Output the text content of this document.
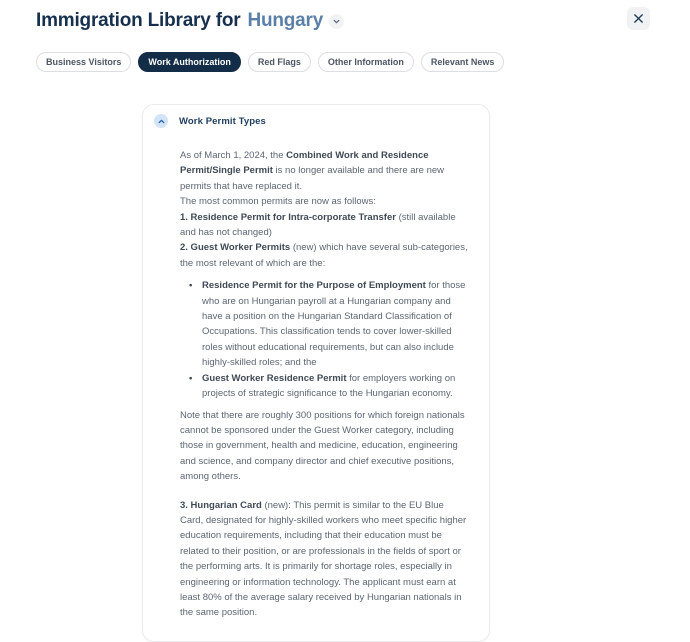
Immigration Library for Hungary
Business Visitors	Work Authorization	Red Flags	Other Information	Relevant News
Work Permit Types

As of March 1, 2024, the Combined Work and Residence Permit/Single Permit is no longer available and there are new permits that have replaced it.

The most common permits are now as follows:

1. Residence Permit for Intra-corporate Transfer (still available and has not changed)

2. Guest Worker Permits (new) which have several sub-categories, the most relevant of which are the:

• Residence Permit for the Purpose of Employment for those who are on Hungarian payroll at a Hungarian company and have a position on the Hungarian Standard Classification of Occupations. This classification tends to cover lower-skilled roles without educational requirements, but can also include highly-skilled roles; and the
• Guest Worker Residence Permit for employers working on projects of strategic significance to the Hungarian economy.

Note that there are roughly 300 positions for which foreign nationals cannot be sponsored under the Guest Worker category, including those in government, health and medicine, education, engineering and science, and company director and chief executive positions, among others.

3. Hungarian Card (new): This permit is similar to the EU Blue Card, designated for highly-skilled workers who meet specific higher education requirements, including that their education must be related to their position, or are professionals in the fields of sport or the performing arts. It is primarily for shortage roles, especially in engineering or information technology. The applicant must earn at least 80% of the average salary received by Hungarian nationals in the same position.
